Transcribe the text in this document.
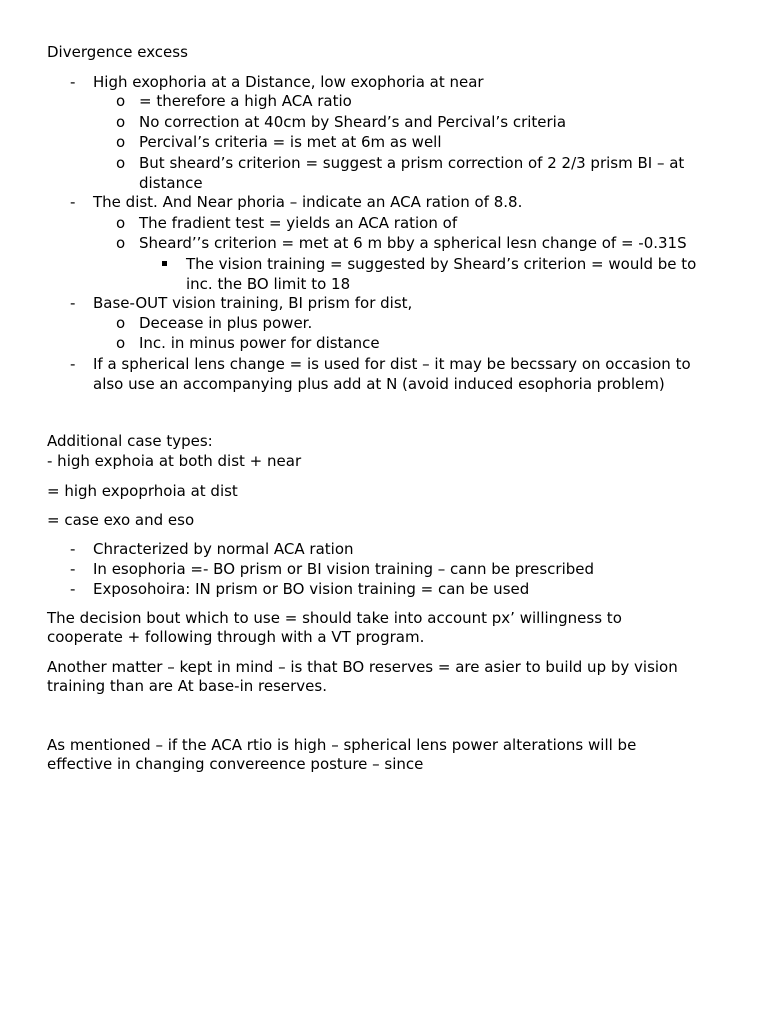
Divergence excess
- High exophoria at a Distance, low exophoria at near
o = therefore a high ACA ratio
o No correction at 40cm by Sheard’s and Percival’s criteria
o Percival’s criteria = is met at 6m as well
o But sheard’s criterion = suggest a prism correction of 2 2/3 prism BI – at
distance
- The dist. And Near phoria – indicate an ACA ration of 8.8.
o The fradient test = yields an ACA ration of
o Sheard’’s criterion = met at 6 m bby a spherical lesn change of = -0.31S
The vision training = suggested by Sheard’s criterion = would be to
inc. the BO limit to 18
- Base-OUT vision training, BI prism for dist,
o Decease in plus power.
o Inc. in minus power for distance
- If a spherical lens change = is used for dist – it may be becssary on occasion to
also use an accompanying plus add at N (avoid induced esophoria problem)
Additional case types:
- high exphoia at both dist + near
= high expoprhoia at dist
= case exo and eso
- Chracterized by normal ACA ration
- In esophoria =- BO prism or BI vision training – cann be prescribed
- Exposohoira: IN prism or BO vision training = can be used
The decision bout which to use = should take into account px’ willingness to
cooperate + following through with a VT program.
Another matter – kept in mind – is that BO reserves = are asier to build up by vision
training than are At base-in reserves.
As mentioned – if the ACA rtio is high – spherical lens power alterations will be
effective in changing convereence posture – since
